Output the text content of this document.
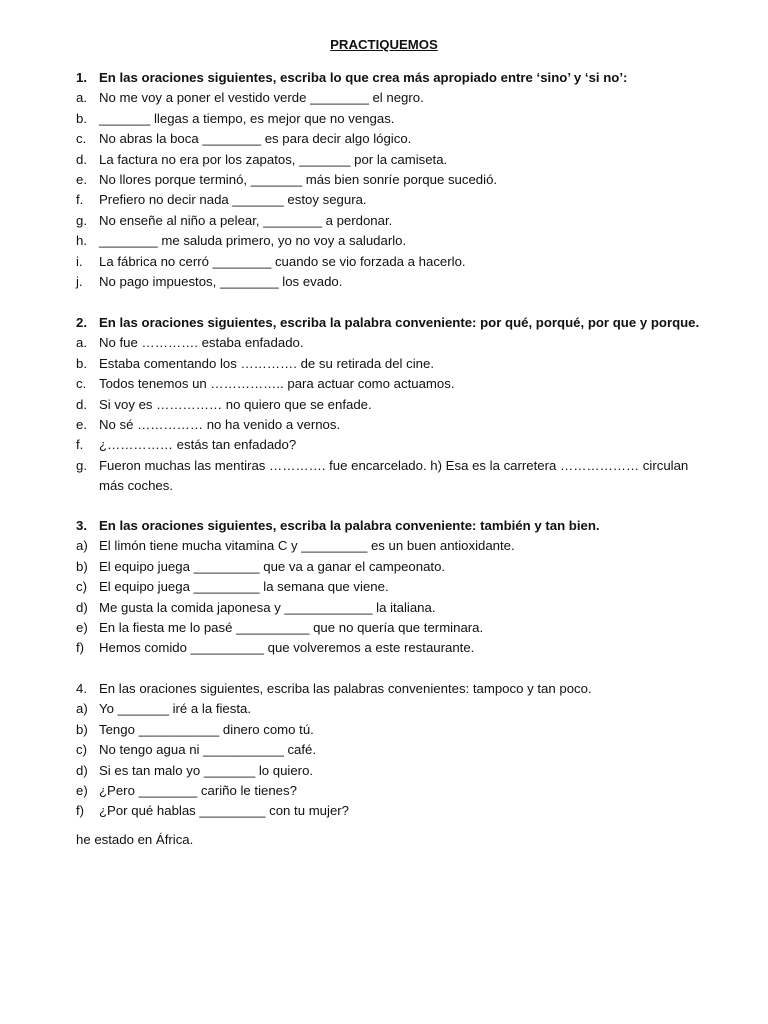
PRACTIQUEMOS
1. En las oraciones siguientes, escriba lo que crea más apropiado entre ‘sino’ y ‘si no’:
a. No me voy a poner el vestido verde ________ el negro.
b. _______ llegas a tiempo, es mejor que no vengas.
c. No abras la boca ________ es para decir algo lógico.
d. La factura no era por los zapatos, _______ por la camiseta.
e. No llores porque terminó, _______ más bien sonríe porque sucedió.
f. Prefiero no decir nada _______ estoy segura.
g. No enseñe al niño a pelear, ________ a perdonar.
h. ________ me saluda primero, yo no voy a saludarlo.
i. La fábrica no cerró ________ cuando se vio forzada a hacerlo.
j. No pago impuestos, ________ los evado.
2. En las oraciones siguientes, escriba la palabra conveniente: por qué, porqué, por que y porque.
a. No fue …………. estaba enfadado.
b. Estaba comentando los …………. de su retirada del cine.
c. Todos tenemos un …………….. para actuar como actuamos.
d. Si voy es …………… no quiero que se enfade.
e. No sé …………… no ha venido a vernos.
f. ¿…………… estás tan enfadado?
g. Fueron muchas las mentiras …………. fue encarcelado. h) Esa es la carretera ……………… circulan más coches.
3. En las oraciones siguientes, escriba la palabra conveniente: también y tan bien.
a) El limón tiene mucha vitamina C y _________ es un buen antioxidante.
b) El equipo juega _________ que va a ganar el campeonato.
c) El equipo juega _________ la semana que viene.
d) Me gusta la comida japonesa y ____________ la italiana.
e) En la fiesta me lo pasé __________ que no quería que terminara.
f) Hemos comido __________ que volveremos a este restaurante.
4. En las oraciones siguientes, escriba las palabras convenientes: tampoco y tan poco.
a) Yo _______ iré a la fiesta.
b) Tengo ___________ dinero como tú.
c) No tengo agua ni ___________ café.
d) Si es tan malo yo _______ lo quiero.
e) ¿Pero ________ cariño le tienes?
f) ¿Por qué hablas _________ con tu mujer?
he estado en África.
